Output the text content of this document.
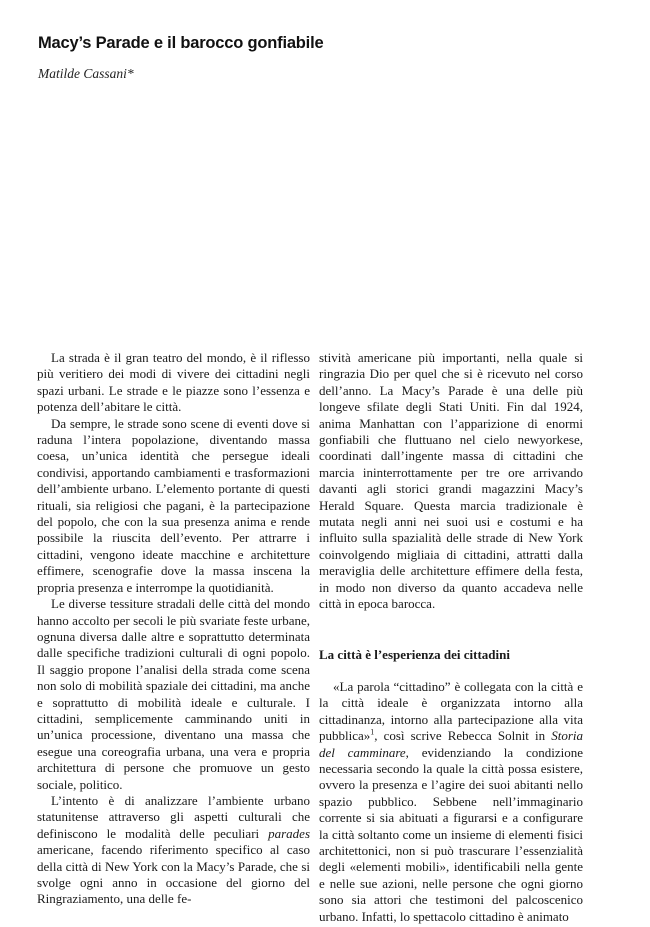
Macy’s Parade e il barocco gonfiabile

Matilde Cassani*

La strada è il gran teatro del mondo, è il riflesso più veritiero dei modi di vivere dei cittadini negli spazi urbani. Le strade e le piazze sono l’essenza e potenza dell’abitare le città.

Da sempre, le strade sono scene di eventi dove si raduna l’intera popolazione, diventando massa coesa, un’unica identità che persegue ideali condivisi, apportando cambiamenti e trasformazioni dell’ambiente urbano. L’elemento portante di questi rituali, sia religiosi che pagani, è la partecipazione del popolo, che con la sua presenza anima e rende possibile la riuscita dell’evento. Per attrarre i cittadini, vengono ideate macchine e architetture effimere, scenografie dove la massa inscena la propria presenza e interrompe la quotidianità.

Le diverse tessiture stradali delle città del mondo hanno accolto per secoli le più svariate feste urbane, ognuna diversa dalle altre e soprattutto determinata dalle specifiche tradizioni culturali di ogni popolo. Il saggio propone l’analisi della strada come scena non solo di mobilità spaziale dei cittadini, ma anche e soprattutto di mobilità ideale e culturale. I cittadini, semplicemente camminando uniti in un’unica processione, diventano una massa che esegue una coreografia urbana, una vera e propria architettura di persone che promuove un gesto sociale, politico.

L’intento è di analizzare l’ambiente urbano statunitense attraverso gli aspetti culturali che definiscono le modalità delle peculiari parades americane, facendo riferimento specifico al caso della città di New York con la Macy’s Parade, che si svolge ogni anno in occasione del giorno del Ringraziamento, una delle fe-

stività americane più importanti, nella quale si ringrazia Dio per quel che si è ricevuto nel corso dell’anno. La Macy’s Parade è una delle più longeve sfilate degli Stati Uniti. Fin dal 1924, anima Manhattan con l’apparizione di enormi gonfiabili che fluttuano nel cielo newyorkese, coordinati dall’ingente massa di cittadini che marcia ininterrottamente per tre ore arrivando davanti agli storici grandi magazzini Macy’s Herald Square. Questa marcia tradizionale è mutata negli anni nei suoi usi e costumi e ha influito sulla spazialità delle strade di New York coinvolgendo migliaia di cittadini, attratti dalla meraviglia delle architetture effimere della festa, in modo non diverso da quanto accadeva nelle città in epoca barocca.

La città è l’esperienza dei cittadini

«La parola “cittadino” è collegata con la città e la città ideale è organizzata intorno alla cittadinanza, intorno alla partecipazione alla vita pubblica»$^1$, così scrive Rebecca Solnit in Storia del camminare, evidenziando la condizione necessaria secondo la quale la città possa esistere, ovvero la presenza e l’agire dei suoi abitanti nello spazio pubblico. Sebbene nell’immaginario corrente si sia abituati a figurarsi e a configurare la città soltanto come un insieme di elementi fisici architettonici, non si può trascurare l’essenzialità degli «elementi mobili», identificabili nella gente e nelle sue azioni, nelle persone che ogni giorno sono sia attori che testimoni del palcoscenico urbano. Infatti, lo spettacolo cittadino è animato
